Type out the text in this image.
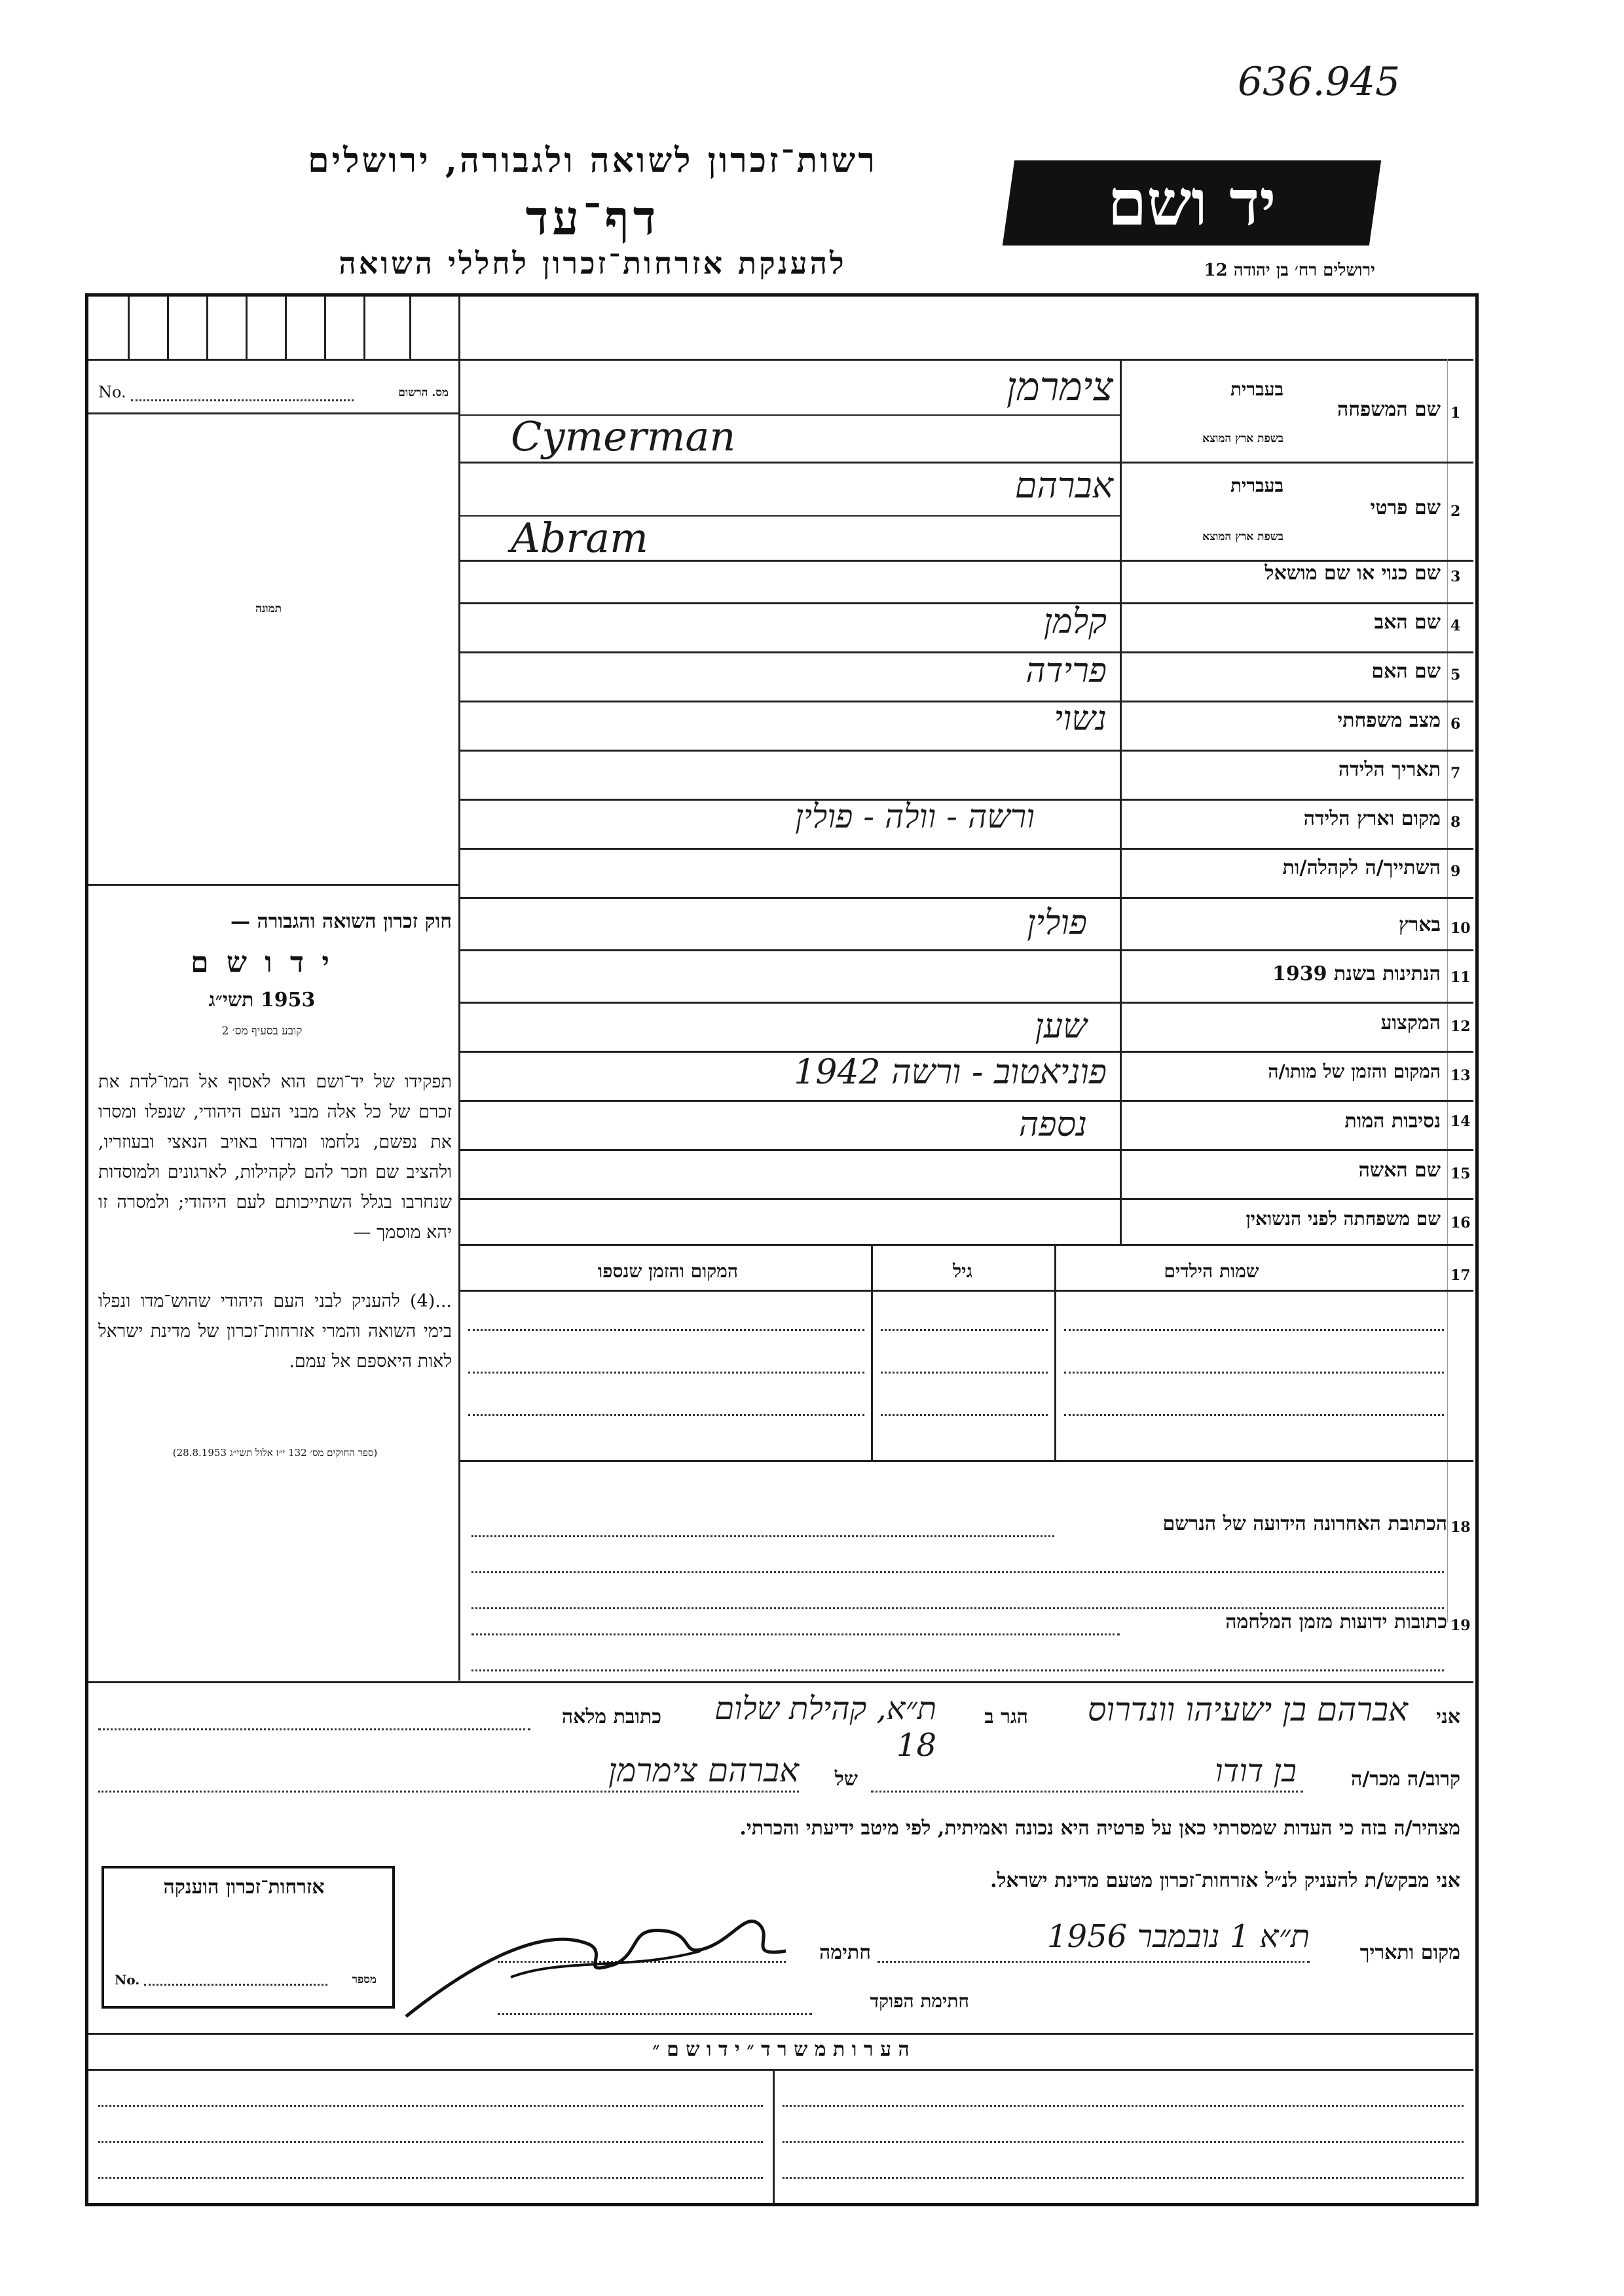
636.945
רשות־זכרון לשואה ולגבורה, ירושלים
דף־עד
להענקת אזרחות־זכרון לחללי השואה
יד ושם
ירושלים רח׳ בן יהודה 12
No.	מס. הרשום
תמונה
חוק זכרון השואה והגבורה —
י ד ו ש ם
1953 תשי״ג
קובע בסעיף מס׳ 2
תפקידו של יד־ושם הוא לאסוף אל המו־לדת את זכרם של כל אלה מבני העם היהודי, שנפלו ומסרו את נפשם, נלחמו ומרדו באויב הנאצי ובעוזריו, ולהציב שם וזכר להם לקהילות, לארגונים ולמוסדות שנחרבו בגלל השתייכותם לעם היהודי; ולמסרה זו יהא מוסמך —
...(4) להעניק לבני העם היהודי שהוש־מדו ונפלו בימי השואה והמרי אזרחות־זכרון של מדינת ישראל לאות היאספם אל עמם.
(ספר החוקים מס׳ 132 י״ז אלול תשי״ג 28.8.1953)
1
שם המשפחה
בעברית
בשפת ארץ המוצא
צימרמן
Cymerman
2
שם פרטי
בעברית
בשפת ארץ המוצא
אברהם
Abram
3
שם כנוי או שם מושאל
4
שם האב
קלמן
5
שם האם
פרידה
6
מצב משפחתי
נשוי
7
תאריך הלידה
8
מקום וארץ הלידה
ורשה - וולה - פולין
9
השתייך/ה לקהלה/ות
10
בארץ
פולין
11
הנתינות בשנת 1939
12
המקצוע
שען
13
המקום והזמן של מותו/ה
פוניאטוב - ורשה 1942
14
נסיבות המות
נספה
15
שם האשה
16
שם משפחתה לפני הנשואין
17
שמות הילדים
גיל
המקום והזמן שנספו
18
הכתובת האחרונה הידועה של הנרשם
19
כתובות ידועות מזמן המלחמה
אני
אברהם בן ישעיהו וונדרוס
הגר ב
ת״א, קהילת שלום 18
כתובת מלאה
קרוב/ה מכר/ה
בן דודו
של
אברהם צימרמן
מצהיר/ה בזה כי העדות שמסרתי כאן על פרטיה היא נכונה ואמיתית, לפי מיטב ידיעתי והכרתי.
אני מבקש/ת להעניק לנ״ל אזרחות־זכרון מטעם מדינת ישראל.
מקום ותאריך
ת״א 1 נובמבר 1956
חתימה
חתימת הפוקד
אזרחות־זכרון הוענקה
No.	מספר
ה ע ר ו ת מ ש ר ד ״ י ד ו ש ם ״
